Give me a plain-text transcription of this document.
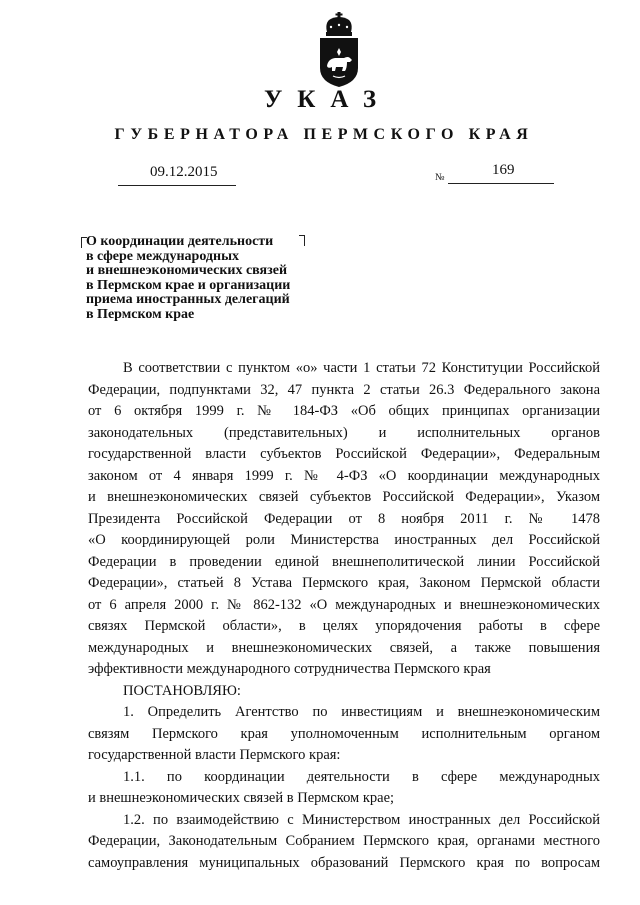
УКАЗ
ГУБЕРНАТОРА ПЕРМСКОГО КРАЯ
09.12.2015	№	169
О координации деятельности
в сфере международных
и внешнеэкономических связей
в Пермском крае и организации
приема иностранных делегаций
в Пермском крае
В соответствии с пунктом «о» части 1 статьи 72 Конституции Российской
Федерации, подпунктами 32, 47 пункта 2 статьи 26.3 Федерального закона
от 6 октября 1999 г. № 184-ФЗ «Об общих принципах организации
законодательных (представительных) и исполнительных органов
государственной власти субъектов Российской Федерации», Федеральным
законом от 4 января 1999 г. № 4-ФЗ «О координации международных
и внешнеэкономических связей субъектов Российской Федерации», Указом
Президента Российской Федерации от 8 ноября 2011 г. № 1478
«О координирующей роли Министерства иностранных дел Российской
Федерации в проведении единой внешнеполитической линии Российской
Федерации», статьей 8 Устава Пермского края, Законом Пермской области
от 6 апреля 2000 г. № 862-132 «О международных и внешнеэкономических
связях Пермской области», в целях упорядочения работы в сфере
международных и внешнеэкономических связей, а также повышения
эффективности международного сотрудничества Пермского края
ПОСТАНОВЛЯЮ:
1. Определить Агентство по инвестициям и внешнеэкономическим
связям Пермского края уполномоченным исполнительным органом
государственной власти Пермского края:
1.1. по координации деятельности в сфере международных
и внешнеэкономических связей в Пермском крае;
1.2. по взаимодействию с Министерством иностранных дел Российской
Федерации, Законодательным Собранием Пермского края, органами местного
самоуправления муниципальных образований Пермского края по вопросам
